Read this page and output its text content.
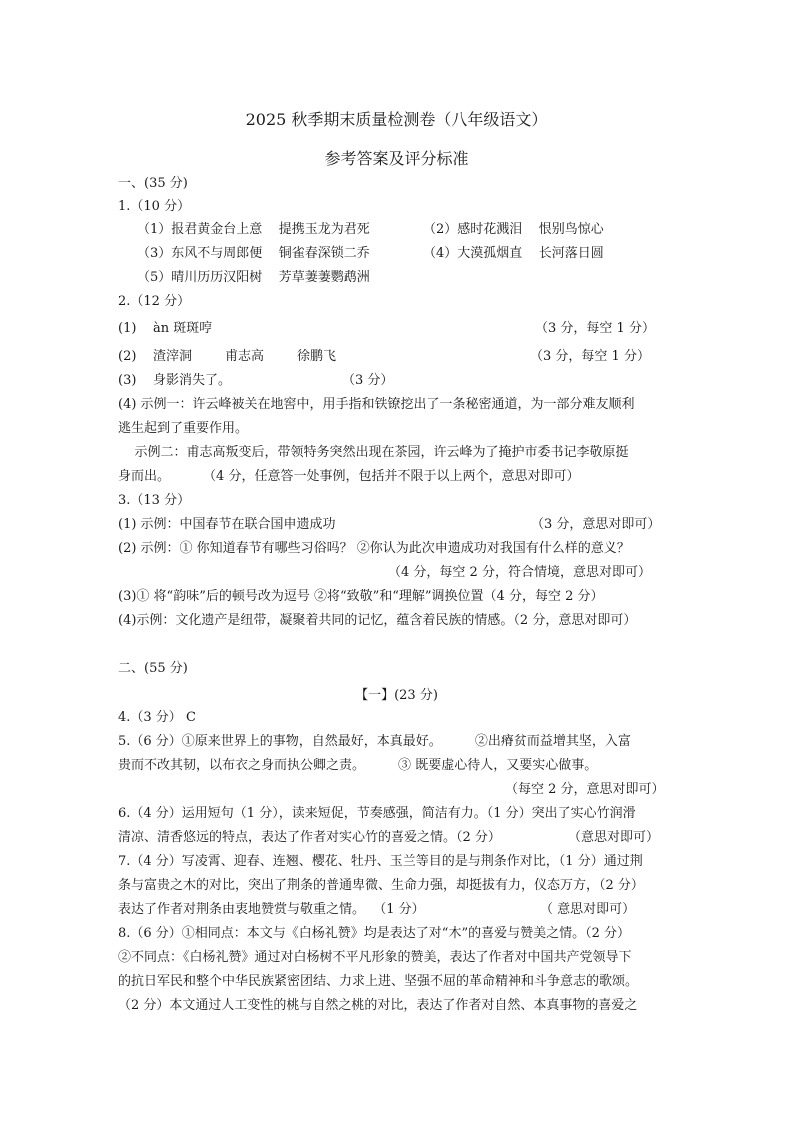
2025 秋季期末质量检测卷（八年级语文）
参考答案及评分标准
一、(35 分)
1.（10 分）
（1）报君黄金台上意    提携玉龙为君死	（2）感时花溅泪    恨别鸟惊心
（3）东风不与周郎便    铜雀春深锁二乔	（4）大漠孤烟直    长河落日圆
（5）晴川历历汉阳树    芳草萋萋鹦鹉洲
2.（12 分）
(1)    àn 斑斑哼	（3 分，每空 1 分）
(2)    渣滓洞        甫志高        徐鹏飞	（3 分，每空 1 分）
(3)    身影消失了。	（3 分）
(4) 示例一：许云峰被关在地窖中，用手指和铁镣挖出了一条秘密通道，为一部分难友顺利
逃生起到了重要作用。
示例二：甫志高叛变后，带领特务突然出现在茶园，许云峰为了掩护市委书记李敬原挺
身而出。        （4 分，任意答一处事例，包括并不限于以上两个，意思对即可）
3.（13 分）
(1) 示例：中国春节在联合国申遗成功	（3 分，意思对即可）
(2) 示例：① 你知道春节有哪些习俗吗？ ②你认为此次申遗成功对我国有什么样的意义？
（4 分，每空 2 分，符合情境，意思对即可）
(3)① 将“韵味”后的顿号改为逗号 ②将“致敬”和“理解”调换位置（4 分，每空 2 分）
(4)示例：文化遗产是纽带，凝聚着共同的记忆，蕴含着民族的情感。（2 分，意思对即可）
二、(55 分)
【一】(23 分)
4.（3 分） C
5.（6 分）①原来世界上的事物，自然最好，本真最好。        ②出瘠贫而益增其坚，入富
贵而不改其韧，以布衣之身而执公卿之责。        ③ 既要虚心待人，又要实心做事。
（每空 2 分，意思对即可）
6.（4 分）运用短句（1 分），读来短促，节奏感强，简洁有力。（1 分）突出了实心竹润滑
清凉、清香悠远的特点，表达了作者对实心竹的喜爱之情。（2 分）	（意思对即可）
7.（4 分）写凌霄、迎春、连翘、樱花、牡丹、玉兰等目的是与荆条作对比，（1 分）通过荆
条与富贵之木的对比，突出了荆条的普通卑微、生命力强，却挺拔有力，仪态万方，（2 分）
表达了作者对荆条由衷地赞赏与敬重之情。  （1 分）	（ 意思对即可）
8.（6 分）①相同点：本文与《白杨礼赞》均是表达了对“木”的喜爱与赞美之情。（2 分）
②不同点：《白杨礼赞》通过对白杨树不平凡形象的赞美，表达了作者对中国共产党领导下
的抗日军民和整个中华民族紧密团结、力求上进、坚强不屈的革命精神和斗争意志的歌颂。
（2 分）本文通过人工变性的桃与自然之桃的对比，表达了作者对自然、本真事物的喜爱之
